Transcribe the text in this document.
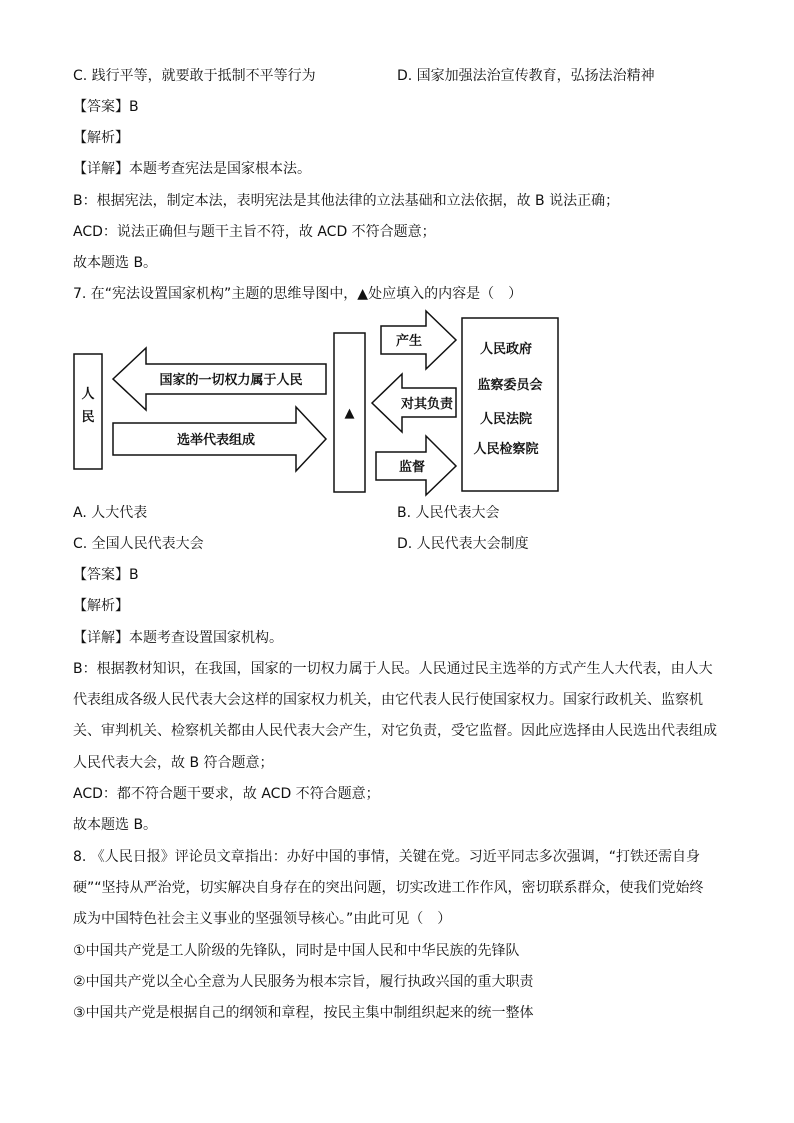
C. 践行平等，就要敢于抵制不平等行为	D. 国家加强法治宣传教育，弘扬法治精神
【答案】B
【解析】
【详解】本题考查宪法是国家根本法。
B：根据宪法，制定本法，表明宪法是其他法律的立法基础和立法依据，故 B 说法正确；
ACD：说法正确但与题干主旨不符，故 ACD 不符合题意；
故本题选 B。
7. 在“宪法设置国家机构”主题的思维导图中，▲处应填入的内容是（　）
人
民
国家的一切权力属于人民
选举代表组成
▲
产生
对其负责
监督
人民政府
监察委员会
人民法院
人民检察院
A. 人大代表	B. 人民代表大会
C. 全国人民代表大会	D. 人民代表大会制度
【答案】B
【解析】
【详解】本题考查设置国家机构。
B：根据教材知识，在我国，国家的一切权力属于人民。人民通过民主选举的方式产生人大代表，由人大
代表组成各级人民代表大会这样的国家权力机关，由它代表人民行使国家权力。国家行政机关、监察机
关、审判机关、检察机关都由人民代表大会产生，对它负责，受它监督。因此应选择由人民选出代表组成
人民代表大会，故 B 符合题意；
ACD：都不符合题干要求，故 ACD 不符合题意；
故本题选 B。
8. 《人民日报》评论员文章指出：办好中国的事情，关键在党。习近平同志多次强调，“打铁还需自身
硬”“坚持从严治党，切实解决自身存在的突出问题，切实改进工作作风，密切联系群众，使我们党始终
成为中国特色社会主义事业的坚强领导核心。”由此可见（　）
①中国共产党是工人阶级的先锋队，同时是中国人民和中华民族的先锋队
②中国共产党以全心全意为人民服务为根本宗旨，履行执政兴国的重大职责
③中国共产党是根据自己的纲领和章程，按民主集中制组织起来的统一整体
